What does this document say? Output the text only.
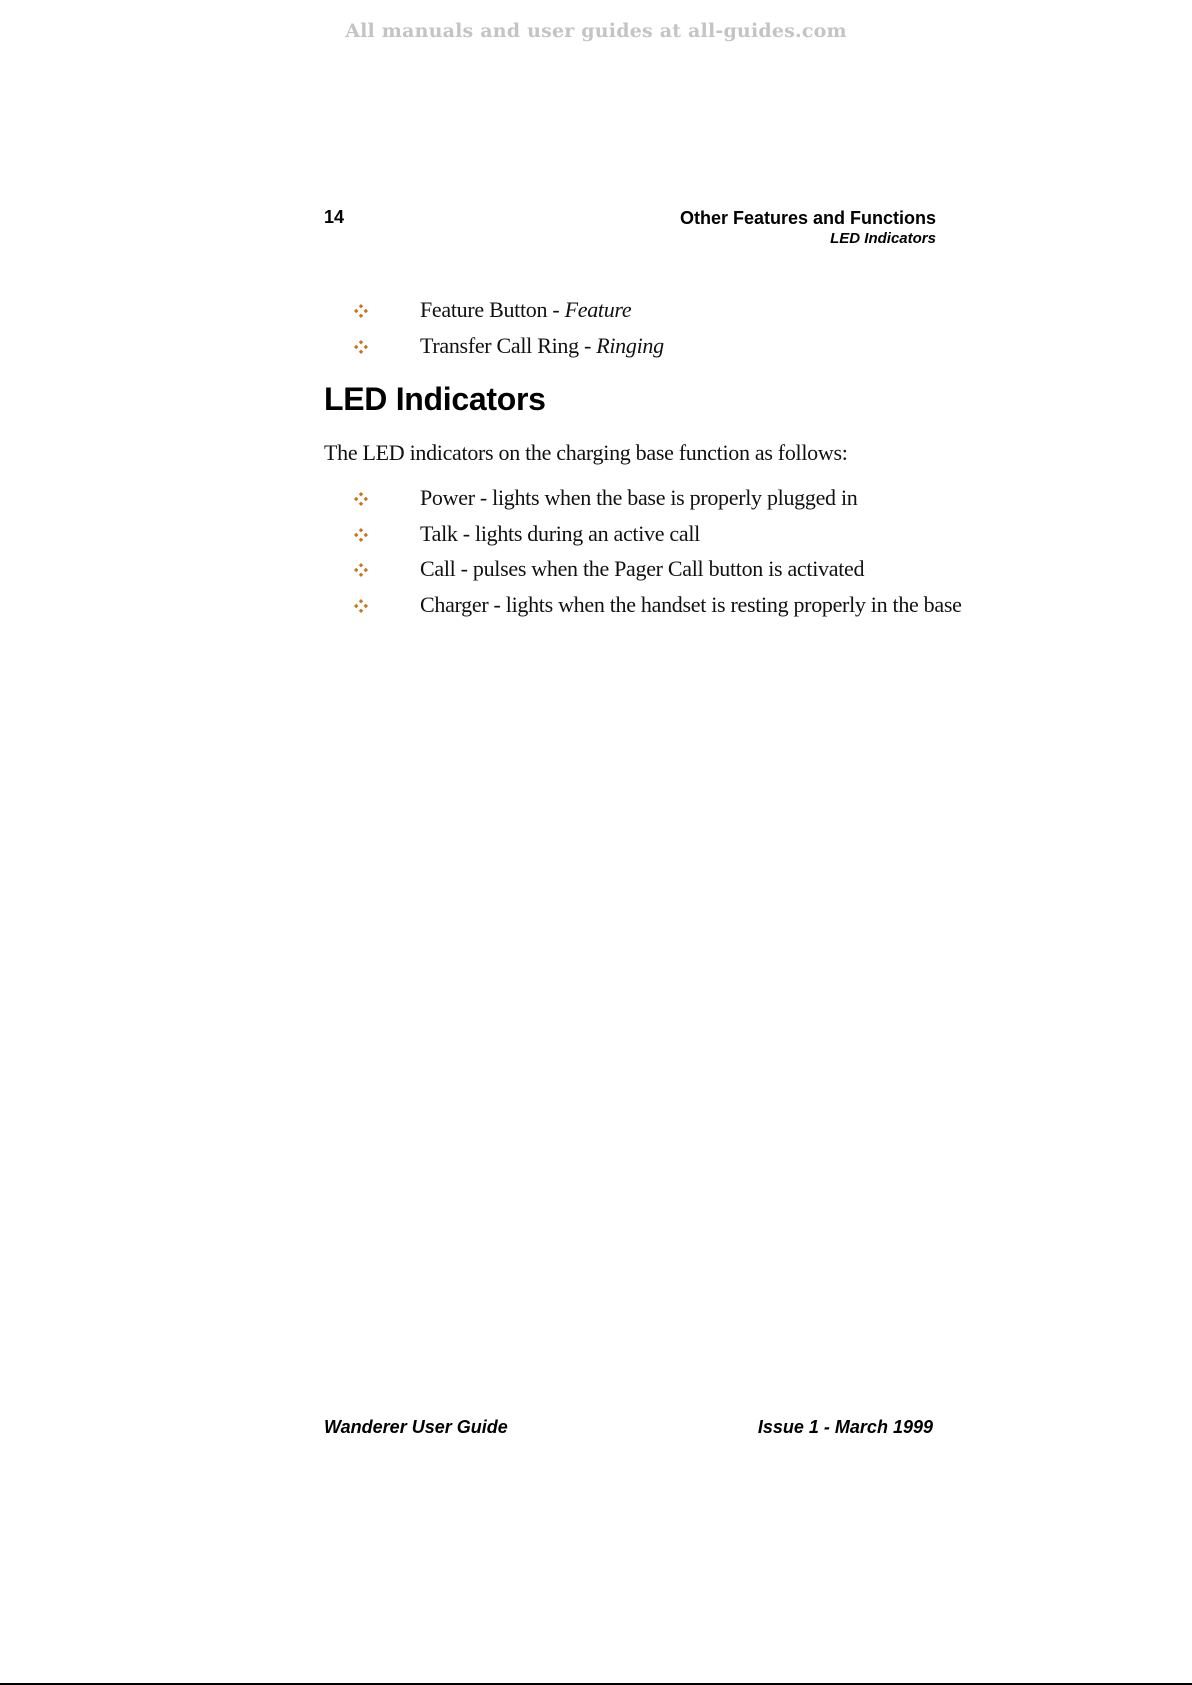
All manuals and user guides at all-guides.com
14	Other Features and Functions
LED Indicators
Feature Button - Feature
Transfer Call Ring - Ringing
LED Indicators

The LED indicators on the charging base function as follows:

Power - lights when the base is properly plugged in
Talk - lights during an active call
Call - pulses when the Pager Call button is activated
Charger - lights when the handset is resting properly in the base
Wanderer User Guide	Issue 1 - March 1999
